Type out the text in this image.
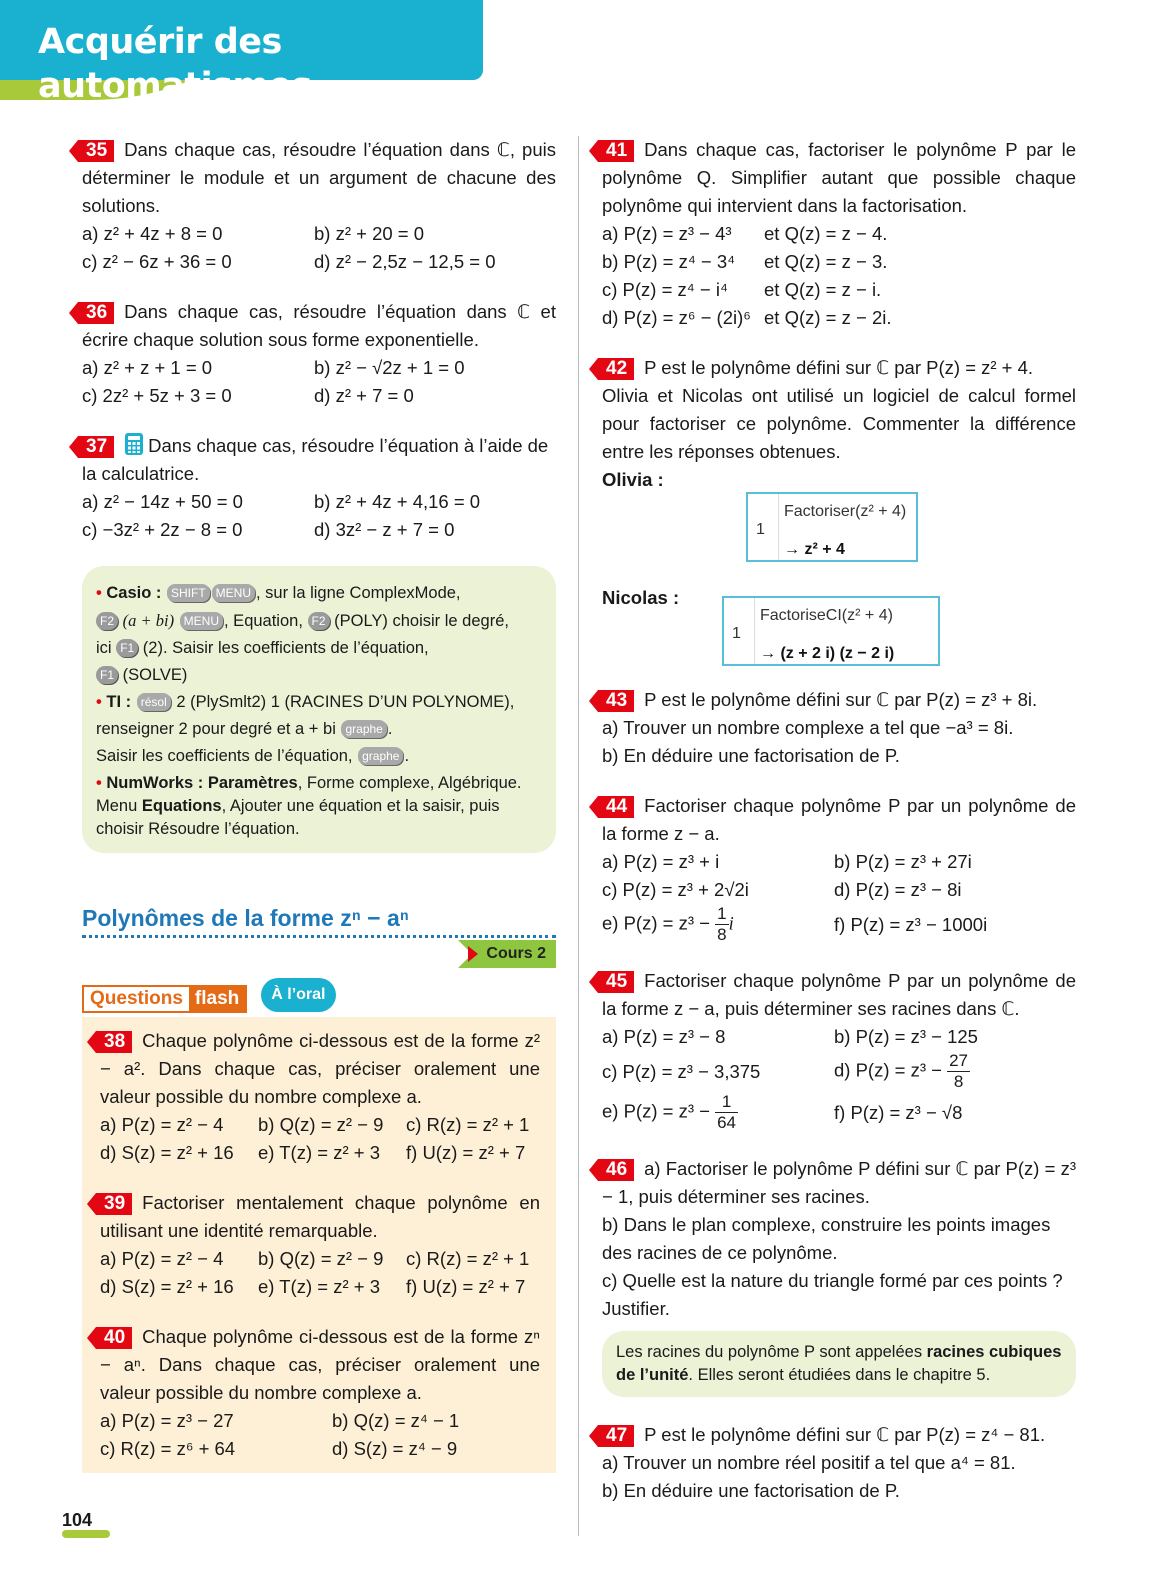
Acquérir des automatismes
35 Dans chaque cas, résoudre l’équation dans ℂ, puis déterminer le module et un argument de chacune des solutions.
a) z² + 4z + 8 = 0	b) z² + 20 = 0
c) z² − 6z + 36 = 0	d) z² − 2,5z − 12,5 = 0
36 Dans chaque cas, résoudre l’équation dans ℂ et écrire chaque solution sous forme exponentielle.
a) z² + z + 1 = 0	b) z² − √2z + 1 = 0
c) 2z² + 5z + 3 = 0	d) z² + 7 = 0
37 Dans chaque cas, résoudre l’équation à l’aide de la calculatrice.
a) z² − 14z + 50 = 0	b) z² + 4z + 4,16 = 0
c) −3z² + 2z − 8 = 0	d) 3z² − z + 7 = 0
• Casio : SHIFT MENU , sur la ligne ComplexMode,
F2 (a + bi) MENU , Equation, F2 (POLY) choisir le degré,
ici F1 (2). Saisir les coefficients de l’équation,
F1 (SOLVE)
• TI : résol 2 (PlySmlt2) 1 (RACINES D’UN POLYNOME),
renseigner 2 pour degré et a + bi graphe .
Saisir les coefficients de l’équation, graphe .
• NumWorks : Paramètres, Forme complexe, Algébrique.
Menu Equations, Ajouter une équation et la saisir, puis choisir Résoudre l’équation.
Polynômes de la forme zⁿ − aⁿ
Cours 2
Questions flash	À l’oral
38 Chaque polynôme ci-dessous est de la forme z² − a². Dans chaque cas, préciser oralement une valeur possible du nombre complexe a.
a) P(z) = z² − 4	b) Q(z) = z² − 9	c) R(z) = z² + 1
d) S(z) = z² + 16	e) T(z) = z² + 3	f) U(z) = z² + 7
39 Factoriser mentalement chaque polynôme en utilisant une identité remarquable.
a) P(z) = z² − 4	b) Q(z) = z² − 9	c) R(z) = z² + 1
d) S(z) = z² + 16	e) T(z) = z² + 3	f) U(z) = z² + 7
40 Chaque polynôme ci-dessous est de la forme zⁿ − aⁿ. Dans chaque cas, préciser oralement une valeur possible du nombre complexe a.
a) P(z) = z³ − 27	b) Q(z) = z⁴ − 1
c) R(z) = z⁶ + 64	d) S(z) = z⁴ − 9
41 Dans chaque cas, factoriser le polynôme P par le polynôme Q. Simplifier autant que possible chaque polynôme qui intervient dans la factorisation.
a) P(z) = z³ − 4³	et Q(z) = z − 4.
b) P(z) = z⁴ − 3⁴	et Q(z) = z − 3.
c) P(z) = z⁴ − i⁴	et Q(z) = z − i.
d) P(z) = z⁶ − (2i)⁶ et Q(z) = z − 2i.
42 P est le polynôme défini sur ℂ par P(z) = z² + 4.
Olivia et Nicolas ont utilisé un logiciel de calcul formel pour factoriser ce polynôme. Commenter la différence entre les réponses obtenues.
Olivia :
1
Factoriser(z² + 4)
→ z² + 4
Nicolas :
1
FactoriseCI(z² + 4)
→ (z + 2 i) (z − 2 i)
43 P est le polynôme défini sur ℂ par P(z) = z³ + 8i.
a) Trouver un nombre complexe a tel que −a³ = 8i.
b) En déduire une factorisation de P.
44 Factoriser chaque polynôme P par un polynôme de la forme z − a.
a) P(z) = z³ + i	b) P(z) = z³ + 27i
c) P(z) = z³ + 2√2i	d) P(z) = z³ − 8i
e) $P(z) = z^3 - \frac{1}{8}$ i	f) P(z) = z³ − 1000i
45 Factoriser chaque polynôme P par un polynôme de la forme z − a, puis déterminer ses racines dans ℂ.
a) P(z) = z³ − 8	b) P(z) = z³ − 125
c) P(z) = z³ − 3,375	d) $P(z) = z^3 - \frac{27}{8}$
e) $P(z) = z^3 - \frac{1}{64}$	f) P(z) = z³ − √8
46 a) Factoriser le polynôme P défini sur ℂ par P(z) = z³ − 1, puis déterminer ses racines.
b) Dans le plan complexe, construire les points images des racines de ce polynôme.
c) Quelle est la nature du triangle formé par ces points ? Justifier.
Les racines du polynôme P sont appelées racines cubiques de l’unité. Elles seront étudiées dans le chapitre 5.
47 P est le polynôme défini sur ℂ par P(z) = z⁴ − 81.
a) Trouver un nombre réel positif a tel que a⁴ = 81.
b) En déduire une factorisation de P.
104
